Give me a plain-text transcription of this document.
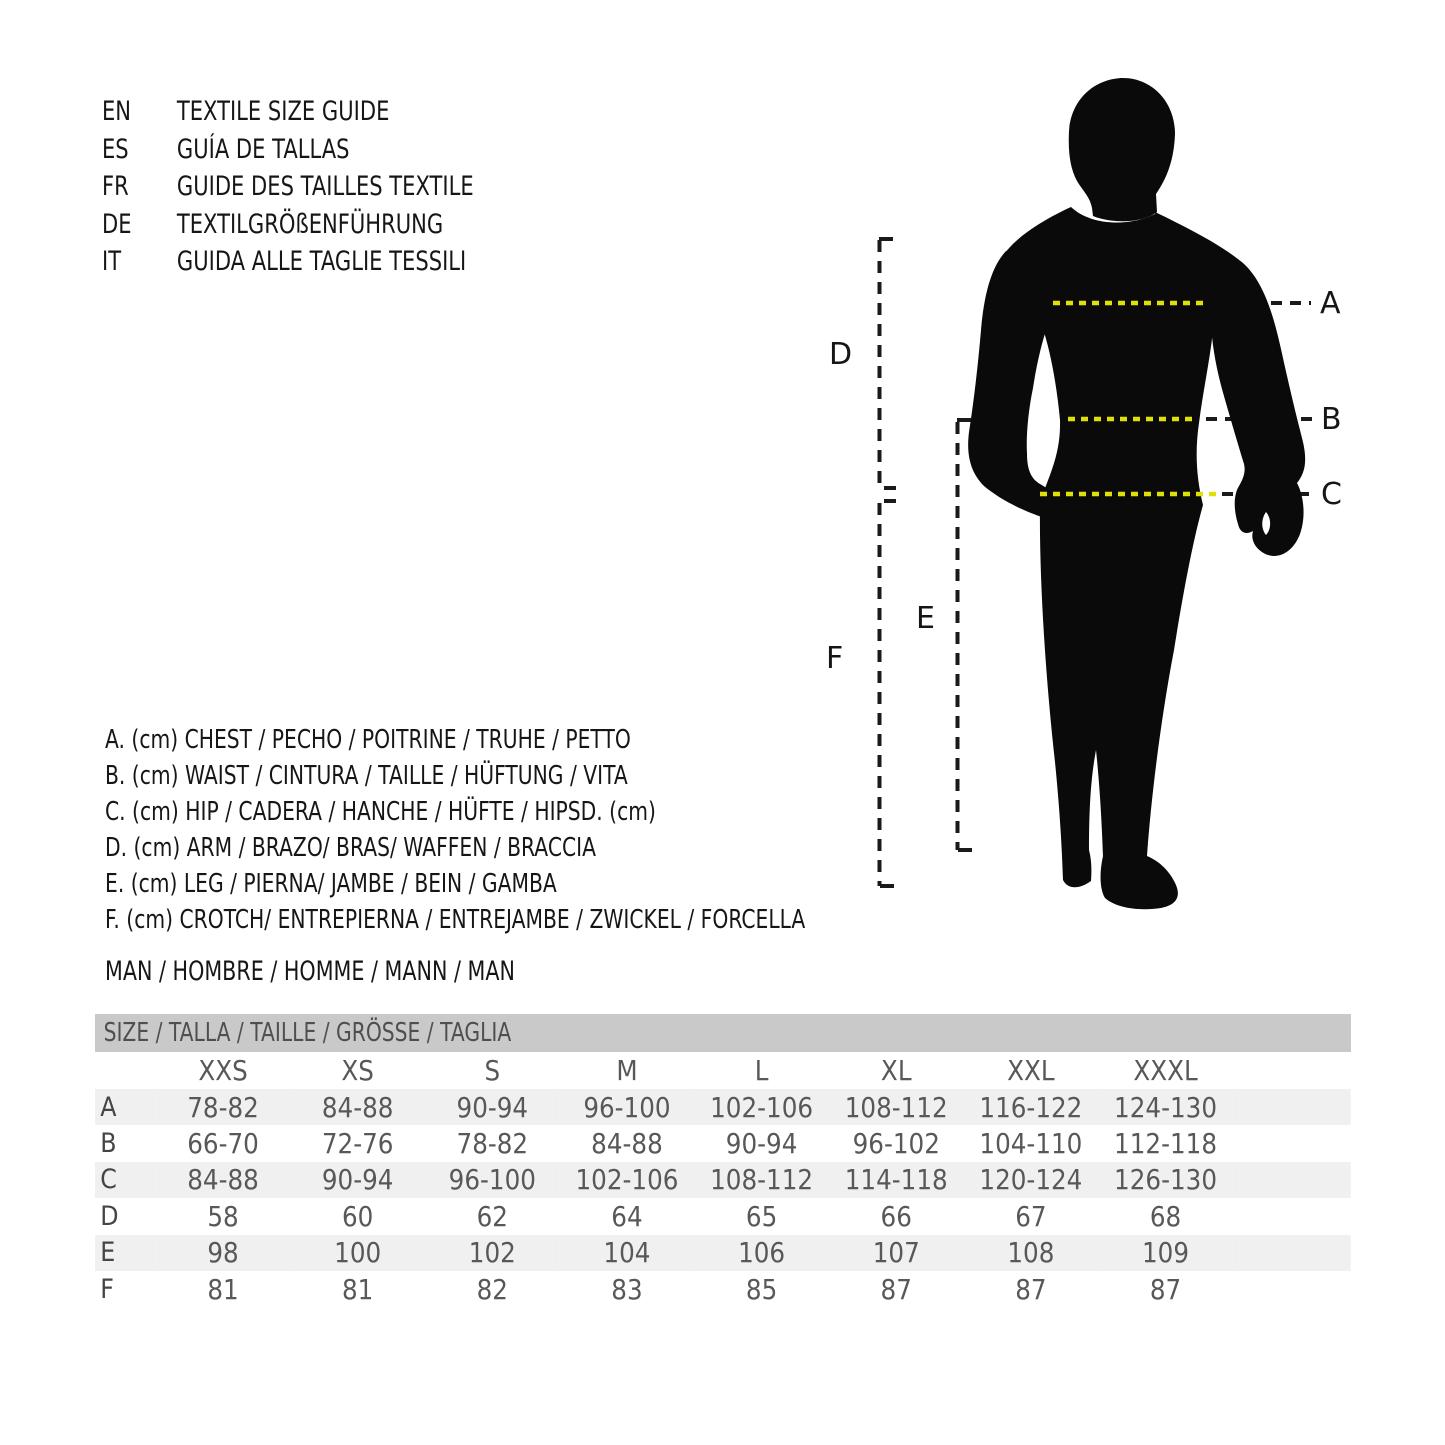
EN	TEXTILE SIZE GUIDE
ES	GUÍA DE TALLAS
FR	GUIDE DES TAILLES TEXTILE
DE	TEXTILGRÖßENFÜHRUNG
IT	GUIDA ALLE TAGLIE TESSILI
A
B
C
D
E
F
A. (cm) CHEST / PECHO / POITRINE / TRUHE / PETTO
B. (cm) WAIST / CINTURA / TAILLE / HÜFTUNG / VITA
C. (cm) HIP / CADERA / HANCHE / HÜFTE / HIPSD. (cm)
D. (cm) ARM / BRAZO/ BRAS/ WAFFEN / BRACCIA
E. (cm) LEG / PIERNA/ JAMBE / BEIN / GAMBA
F. (cm) CROTCH/ ENTREPIERNA / ENTREJAMBE / ZWICKEL / FORCELLA
MAN / HOMBRE / HOMME / MANN / MAN
SIZE / TALLA / TAILLE / GRÖSSE / TAGLIA
	XXS	XS	S	M	L	XL	XXL	XXXL	
A	78-82	84-88	90-94	96-100	102-106	108-112	116-122	124-130	
B	66-70	72-76	78-82	84-88	90-94	96-102	104-110	112-118	
C	84-88	90-94	96-100	102-106	108-112	114-118	120-124	126-130	
D	58	60	62	64	65	66	67	68	
E	98	100	102	104	106	107	108	109	
F	81	81	82	83	85	87	87	87	
